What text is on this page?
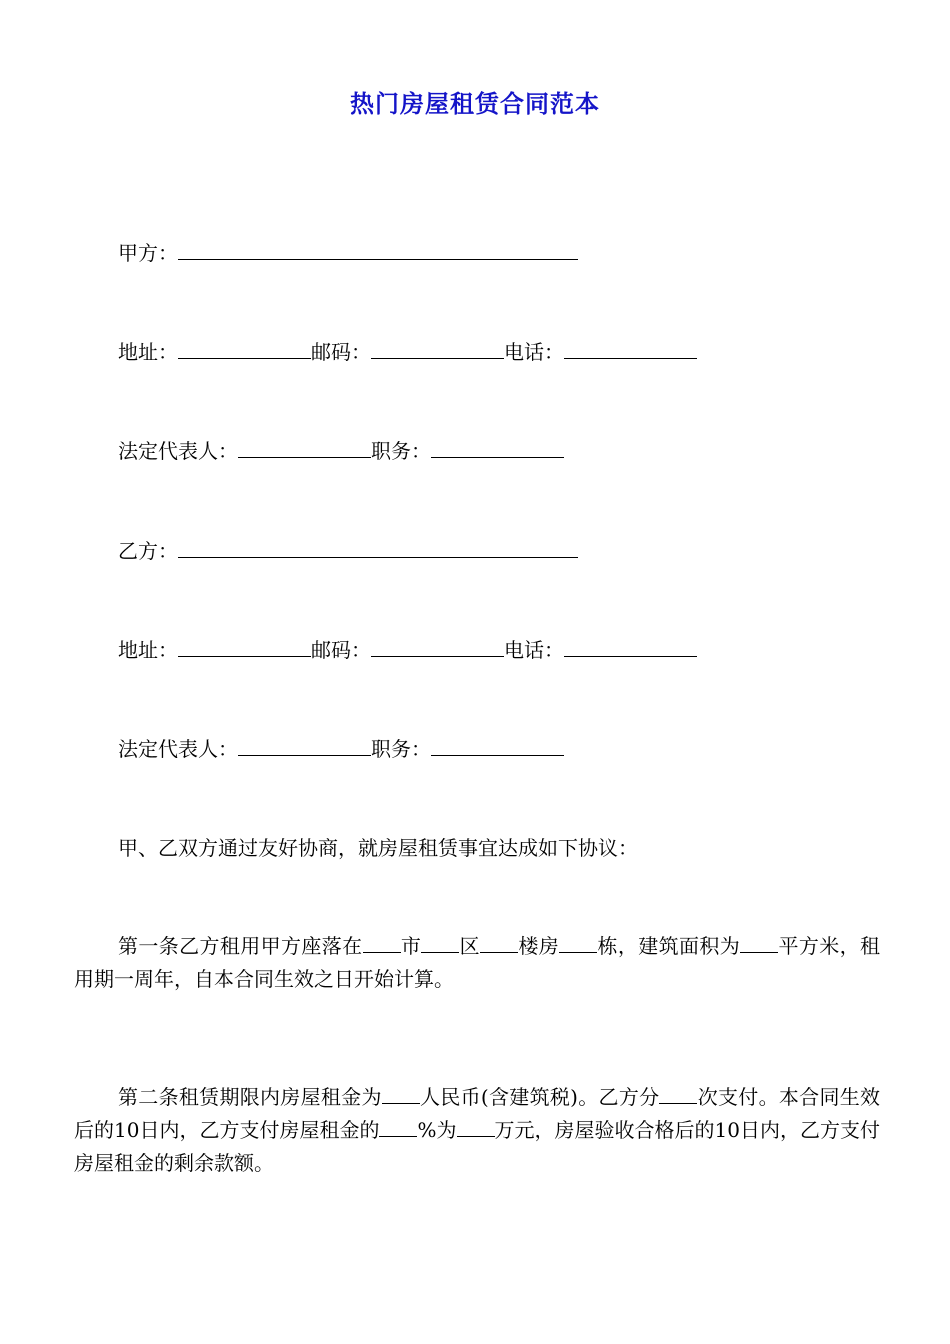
热门房屋租赁合同范本
甲方：
地址：	邮码：	电话：
法定代表人：	职务：
乙方：
地址：	邮码：	电话：
法定代表人：	职务：
甲、乙双方通过友好协商，就房屋租赁事宜达成如下协议：
第一条乙方租用甲方座落在 市 区 楼房 栋，建筑面积为 平方米，租用期一周年，自本合同生效之日开始计算。
第二条租赁期限内房屋租金为 人民币(含建筑税)。乙方分 次支付。本合同生效后的10日内，乙方支付房屋租金的 %为 万元，房屋验收合格后的10日内，乙方支付房屋租金的剩余款额。
